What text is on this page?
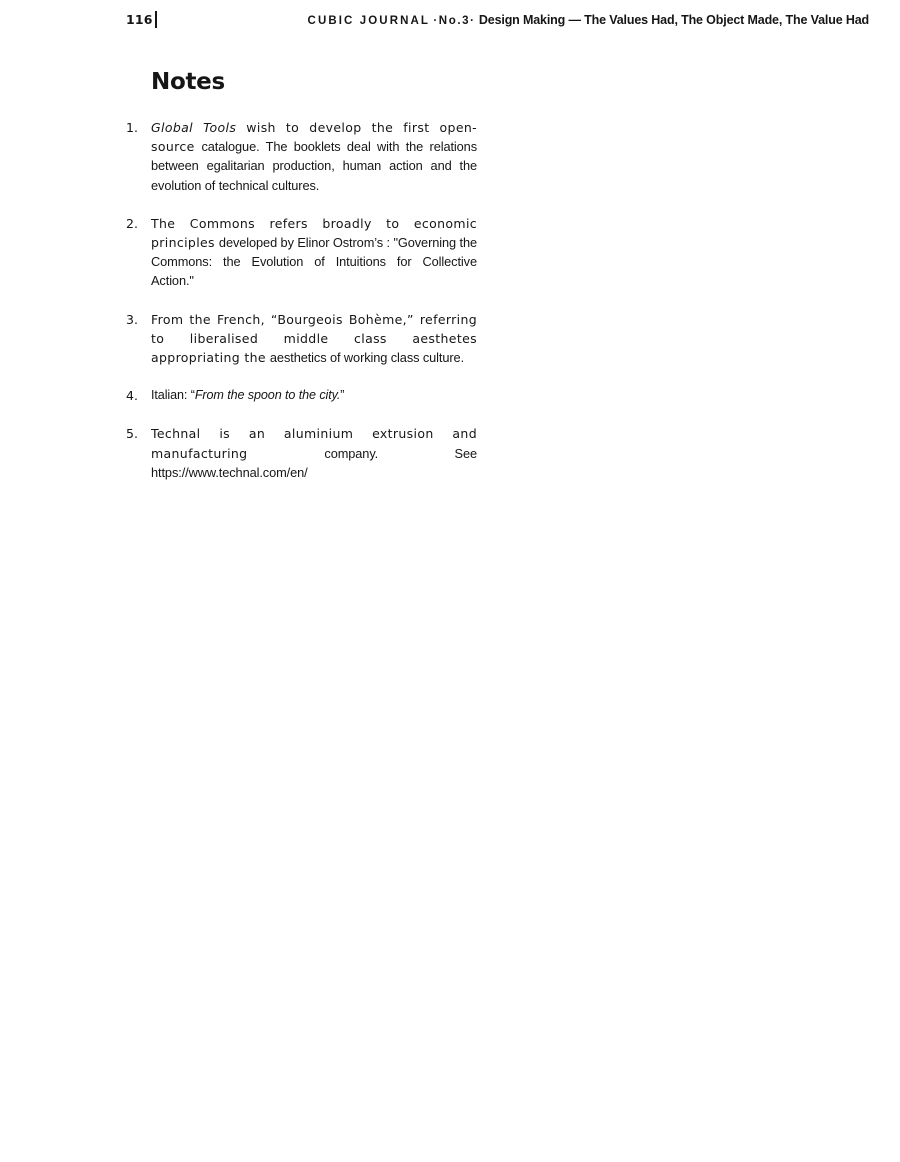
116	CUBIC JOURNAL ·No.3· Design Making — The Values Had, The Object Made, The Value Had
Notes
1. Global Tools wish to develop the first open-source catalogue. The booklets deal with the relations between egalitarian production, human action and the evolution of technical cultures.
2. The Commons refers broadly to economic principles developed by Elinor Ostrom’s : "Governing the Commons: the Evolution of Intuitions for Collective Action."
3. From the French, “Bourgeois Bohème,” referring to liberalised middle class aesthetes appropriating the aesthetics of working class culture.
4. Italian: “From the spoon to the city.”
5. Technal is an aluminium extrusion and manufacturing	company. See https://www.technal.com/en/
